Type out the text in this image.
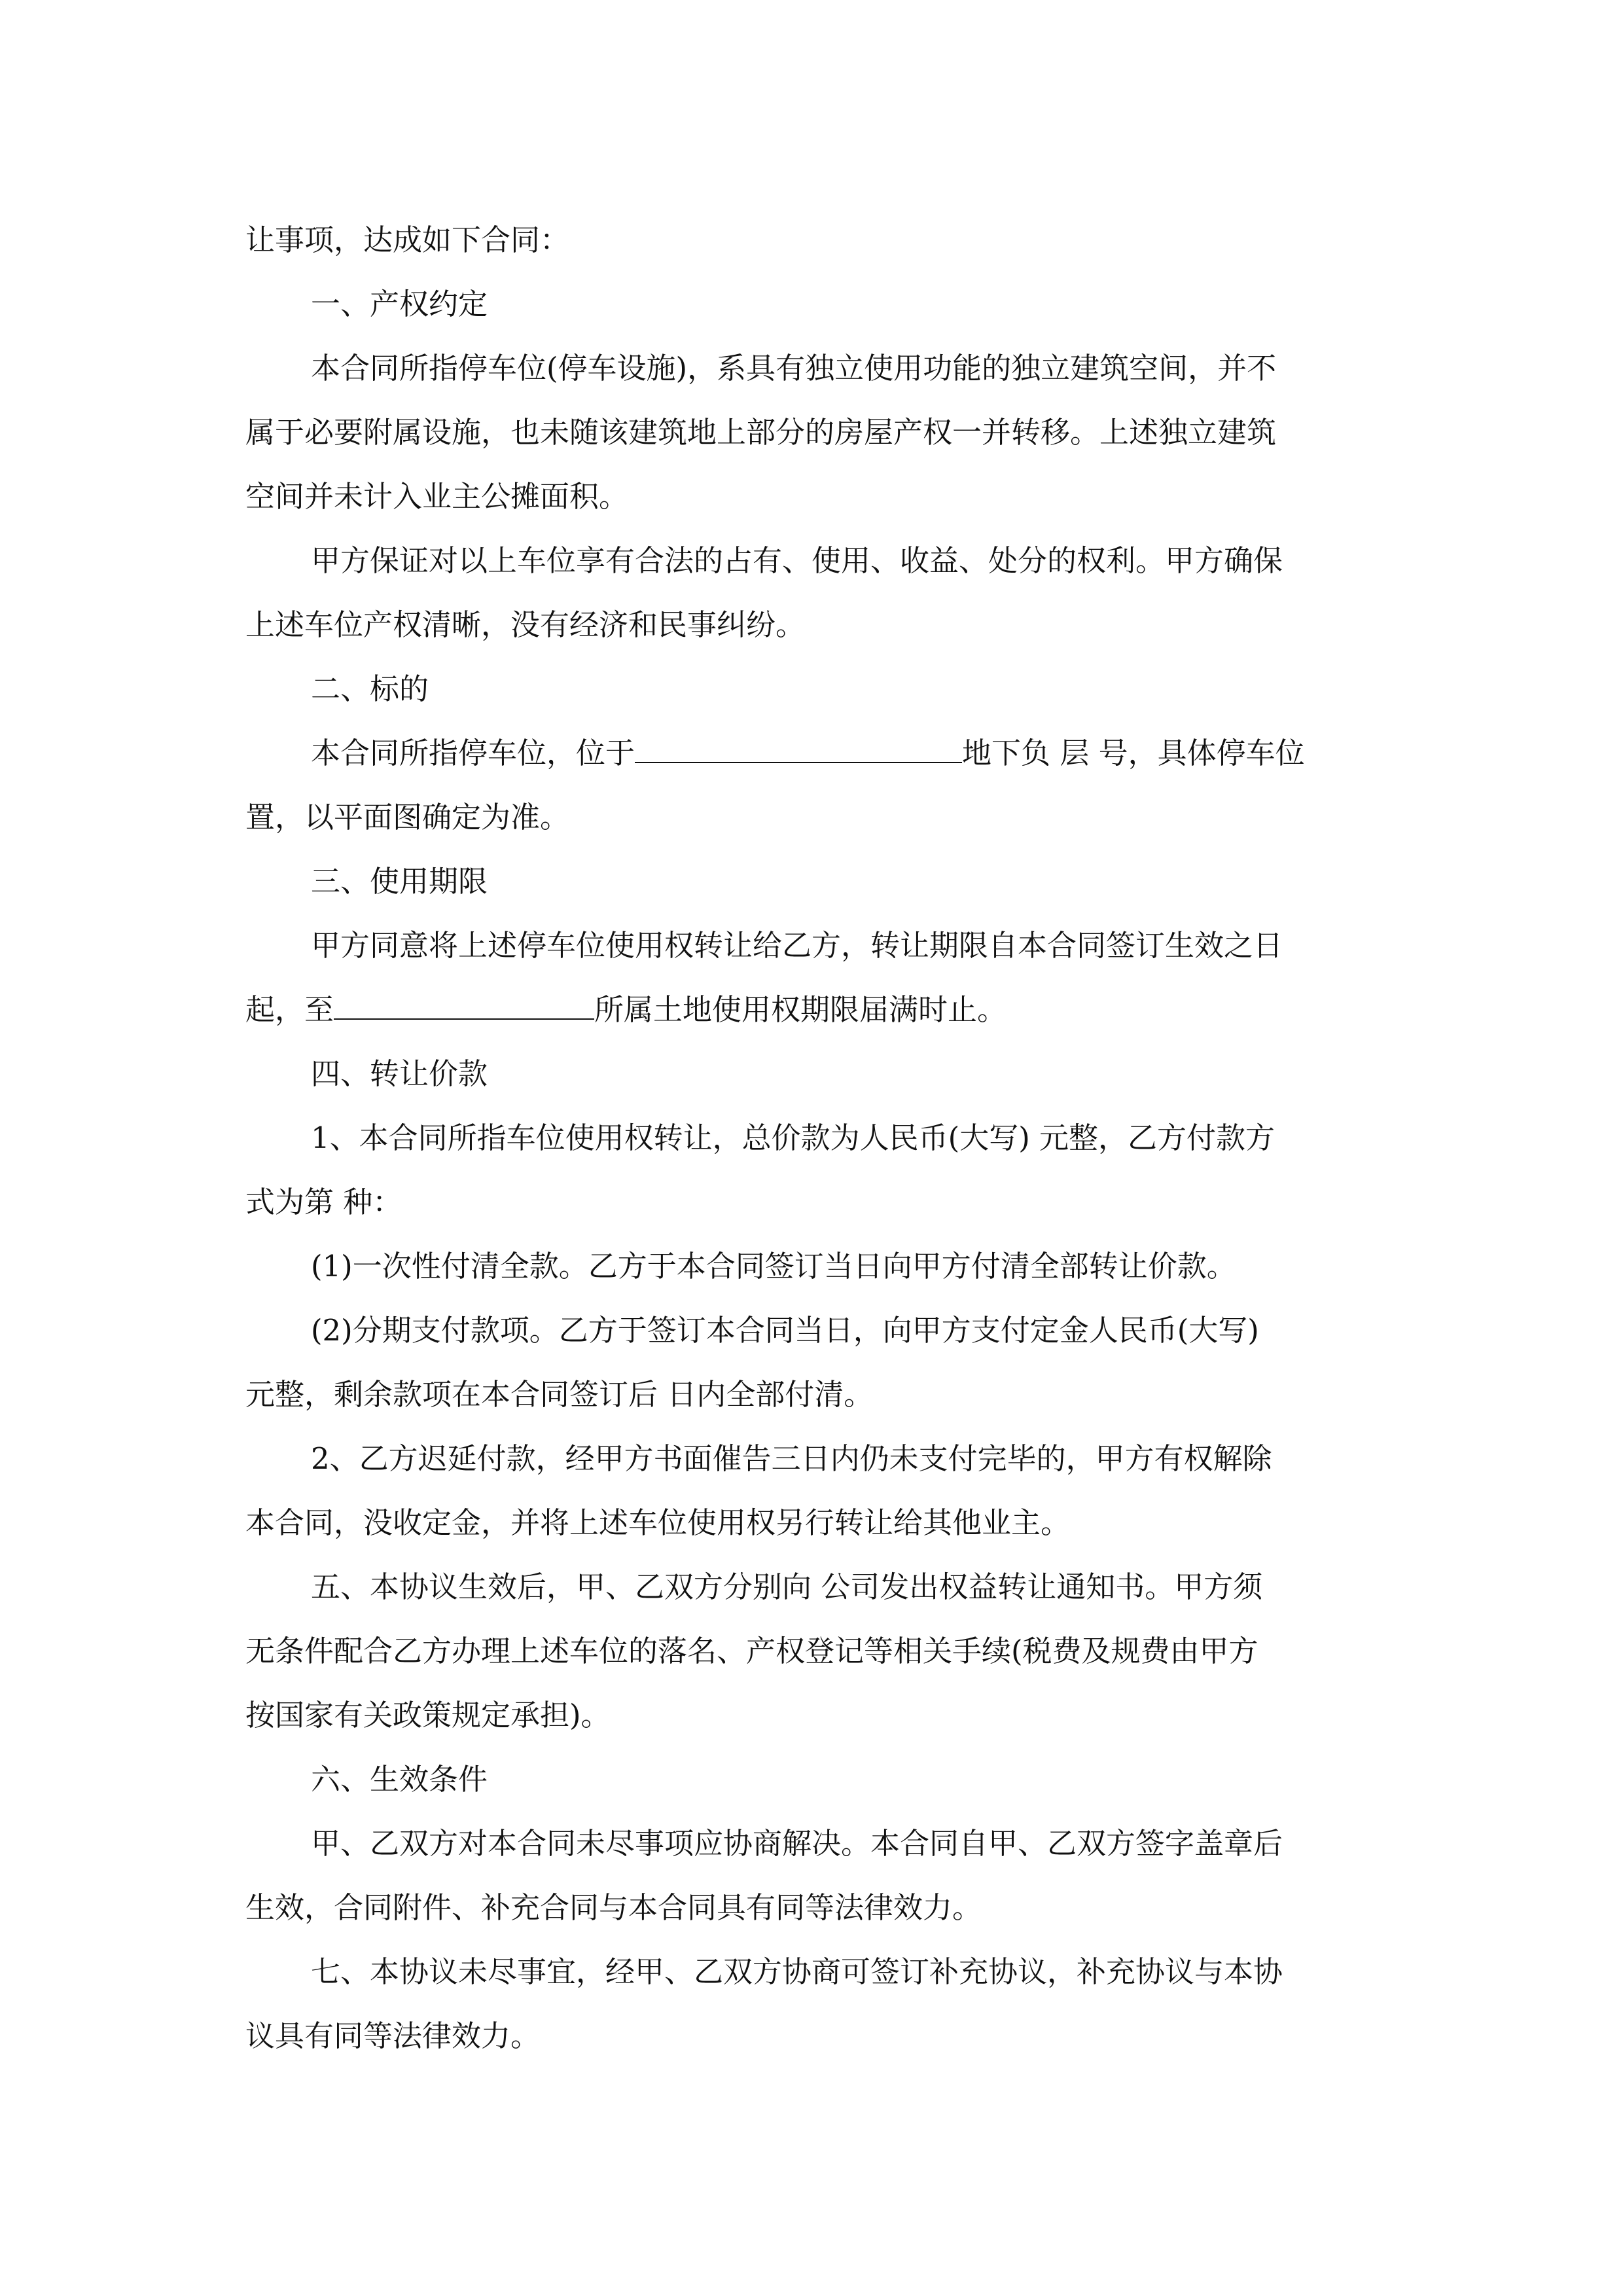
让事项，达成如下合同：
一、产权约定
本合同所指停车位(停车设施)，系具有独立使用功能的独立建筑空间，并不
属于必要附属设施，也未随该建筑地上部分的房屋产权一并转移。上述独立建筑
空间并未计入业主公摊面积。
甲方保证对以上车位享有合法的占有、使用、收益、处分的权利。甲方确保
上述车位产权清晰，没有经济和民事纠纷。
二、标的
本合同所指停车位，位于	地下负 层 号，具体停车位
置，以平面图确定为准。
三、使用期限
甲方同意将上述停车位使用权转让给乙方，转让期限自本合同签订生效之日
起，至	所属土地使用权期限届满时止。
四、转让价款
1、本合同所指车位使用权转让，总价款为人民币(大写) 元整，乙方付款方
式为第 种：
(1)一次性付清全款。乙方于本合同签订当日向甲方付清全部转让价款。
(2)分期支付款项。乙方于签订本合同当日，向甲方支付定金人民币(大写)
元整，剩余款项在本合同签订后 日内全部付清。
2、乙方迟延付款，经甲方书面催告三日内仍未支付完毕的，甲方有权解除
本合同，没收定金，并将上述车位使用权另行转让给其他业主。
五、本协议生效后，甲、乙双方分别向 公司发出权益转让通知书。甲方须
无条件配合乙方办理上述车位的落名、产权登记等相关手续(税费及规费由甲方
按国家有关政策规定承担)。
六、生效条件
甲、乙双方对本合同未尽事项应协商解决。本合同自甲、乙双方签字盖章后
生效，合同附件、补充合同与本合同具有同等法律效力。
七、本协议未尽事宜，经甲、乙双方协商可签订补充协议，补充协议与本协
议具有同等法律效力。
